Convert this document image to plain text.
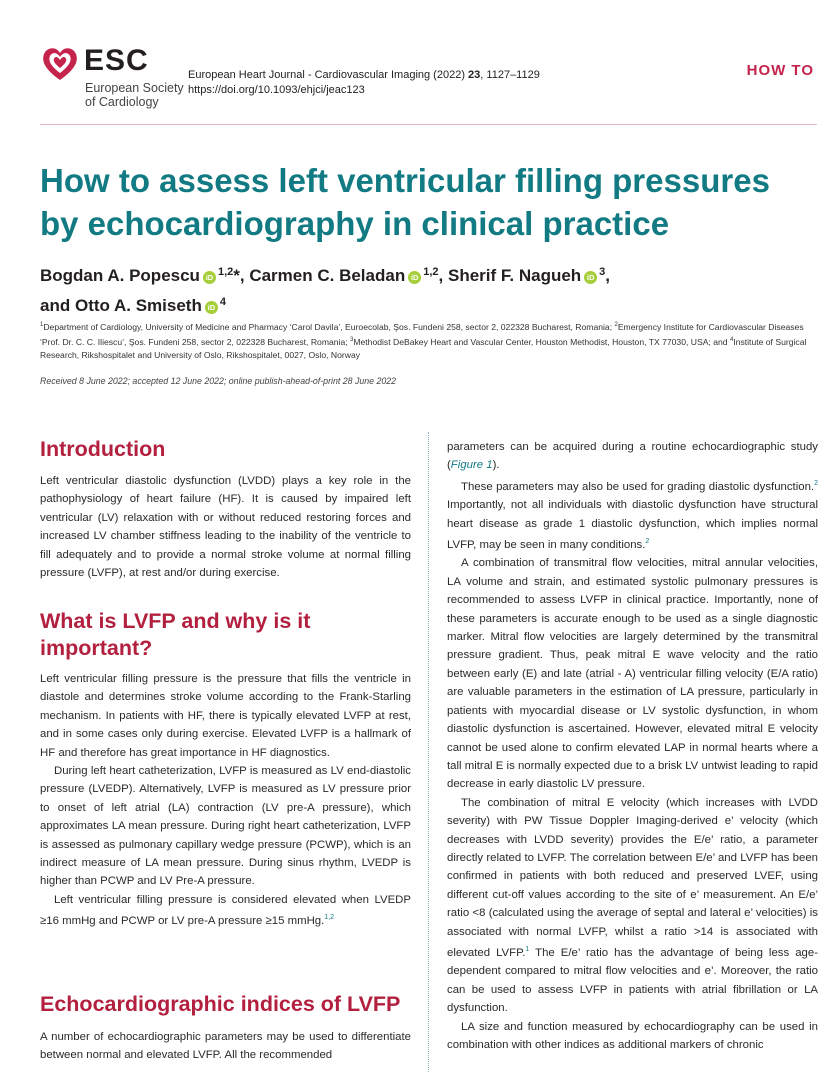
ESC
European Society
of Cardiology
European Heart Journal - Cardiovascular Imaging (2022) 23, 1127–1129
https://doi.org/10.1093/ehjci/jeac123
HOW TO
How to assess left ventricular filling pressures by echocardiography in clinical practice
Bogdan A. Popescu iD $^{1,2}$*, Carmen C. Beladan iD $^{1,2}$, Sherif F. Nagueh iD $^3$,
and Otto A. Smiseth iD $^4$
$^1$Department of Cardiology, University of Medicine and Pharmacy ‘Carol Davila’, Euroecolab, Şos. Fundeni 258, sector 2, 022328 Bucharest, Romania; $^2$Emergency Institute for Cardiovascular Diseases ‘Prof. Dr. C. C. Iliescu’, Şos. Fundeni 258, sector 2, 022328 Bucharest, Romania; $^3$Methodist DeBakey Heart and Vascular Center, Houston Methodist, Houston, TX 77030, USA; and $^4$Institute of Surgical Research, Rikshospitalet and University of Oslo, Rikshospitalet, 0027, Oslo, Norway
Received 8 June 2022; accepted 12 June 2022; online publish-ahead-of-print 28 June 2022
Introduction

Left ventricular diastolic dysfunction (LVDD) plays a key role in the pathophysiology of heart failure (HF). It is caused by impaired left ventricular (LV) relaxation with or without reduced restoring forces and increased LV chamber stiffness leading to the inability of the ventricle to fill adequately and to provide a normal stroke volume at normal filling pressure (LVFP), at rest and/or during exercise.

What is LVFP and why is it important?

Left ventricular filling pressure is the pressure that fills the ventricle in diastole and determines stroke volume according to the Frank-Starling mechanism. In patients with HF, there is typically elevated LVFP at rest, and in some cases only during exercise. Elevated LVFP is a hallmark of HF and therefore has great importance in HF diagnostics.

During left heart catheterization, LVFP is measured as LV end-diastolic pressure (LVEDP). Alternatively, LVFP is measured as LV pressure prior to onset of left atrial (LA) contraction (LV pre-A pressure), which approximates LA mean pressure. During right heart catheterization, LVFP is assessed as pulmonary capillary wedge pressure (PCWP), which is an indirect measure of LA mean pressure. During sinus rhythm, LVEDP is higher than PCWP and LV Pre-A pressure.

Left ventricular filling pressure is considered elevated when LVEDP ≥16 mmHg and PCWP or LV pre-A pressure ≥15 mmHg.$^{1,2}$

Echocardiographic indices of LVFP

A number of echocardiographic parameters may be used to differentiate between normal and elevated LVFP. All the recommended

parameters can be acquired during a routine echocardiographic study (Figure 1).

These parameters may also be used for grading diastolic dysfunction.$^2$ Importantly, not all individuals with diastolic dysfunction have structural heart disease as grade 1 diastolic dysfunction, which implies normal LVFP, may be seen in many conditions.$^2$

A combination of transmitral flow velocities, mitral annular velocities, LA volume and strain, and estimated systolic pulmonary pressures is recommended to assess LVFP in clinical practice. Importantly, none of these parameters is accurate enough to be used as a single diagnostic marker. Mitral flow velocities are largely determined by the transmitral pressure gradient. Thus, peak mitral E wave velocity and the ratio between early (E) and late (atrial - A) ventricular filling velocity (E/A ratio) are valuable parameters in the estimation of LA pressure, particularly in patients with myocardial disease or LV systolic dysfunction, in whom diastolic dysfunction is ascertained. However, elevated mitral E velocity cannot be used alone to confirm elevated LAP in normal hearts where a tall mitral E is normally expected due to a brisk LV untwist leading to rapid decrease in early diastolic LV pressure.

The combination of mitral E velocity (which increases with LVDD severity) with PW Tissue Doppler Imaging-derived e’ velocity (which decreases with LVDD severity) provides the E/e’ ratio, a parameter directly related to LVFP. The correlation between E/e’ and LVFP has been confirmed in patients with both reduced and preserved LVEF, using different cut-off values according to the site of e’ measurement. An E/e’ ratio <8 (calculated using the average of septal and lateral e’ velocities) is associated with normal LVFP, whilst a ratio >14 is associated with elevated LVFP.$^1$ The E/e’ ratio has the advantage of being less age-dependent compared to mitral flow velocities and e’. Moreover, the ratio can be used to assess LVFP in patients with atrial fibrillation or LA dysfunction.

LA size and function measured by echocardiography can be used in combination with other indices as additional markers of chronic
